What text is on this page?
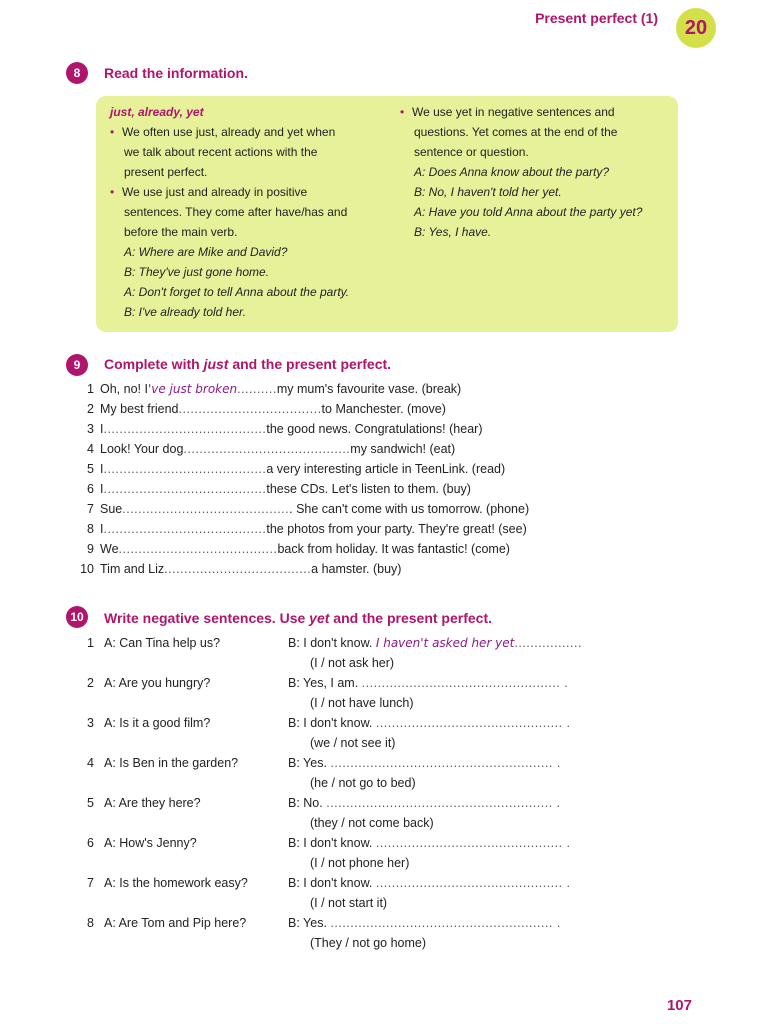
Present perfect (1)	20
8	Read the information.
just, already, yet
• We often use just, already and yet when
we talk about recent actions with the
present perfect.
• We use just and already in positive
sentences. They come after have/has and
before the main verb.
A: Where are Mike and David?
B: They've just gone home.
A: Don't forget to tell Anna about the party.
B: I've already told her.
• We use yet in negative sentences and
questions. Yet comes at the end of the
sentence or question.
A: Does Anna know about the party?
B: No, I haven't told her yet.
A: Have you told Anna about the party yet?
B: Yes, I have.
9	Complete with just and the present perfect.
1 Oh, no! I 've just broken .......... my mum's favourite vase. (break)
2 My best friend .................................... to Manchester. (move)
3 I ......................................... the good news. Congratulations! (hear)
4 Look! Your dog .......................................... my sandwich! (eat)
5 I ......................................... a very interesting article in TeenLink. (read)
6 I ......................................... these CDs. Let's listen to them. (buy)
7 Sue .......................................... . She can't come with us tomorrow. (phone)
8 I ......................................... the photos from your party. They're great! (see)
9 We ........................................ back from holiday. It was fantastic! (come)
10 Tim and Liz ..................................... a hamster. (buy)
10	Write negative sentences. Use yet and the present perfect.
1 A: Can Tina help us?	B: I don't know. I haven't asked her yet.................
(I / not ask her)
2 A: Are you hungry?	B: Yes, I am. .................................................. .
(I / not have lunch)
3 A: Is it a good film?	B: I don't know. ............................................... .
(we / not see it)
4 A: Is Ben in the garden?	B: Yes. ........................................................ .
(he / not go to bed)
5 A: Are they here?	B: No. ......................................................... .
(they / not come back)
6 A: How's Jenny?	B: I don't know. ............................................... .
(I / not phone her)
7 A: Is the homework easy?	B: I don't know. ............................................... .
(I / not start it)
8 A: Are Tom and Pip here?	B: Yes. ........................................................ .
(They / not go home)
107
